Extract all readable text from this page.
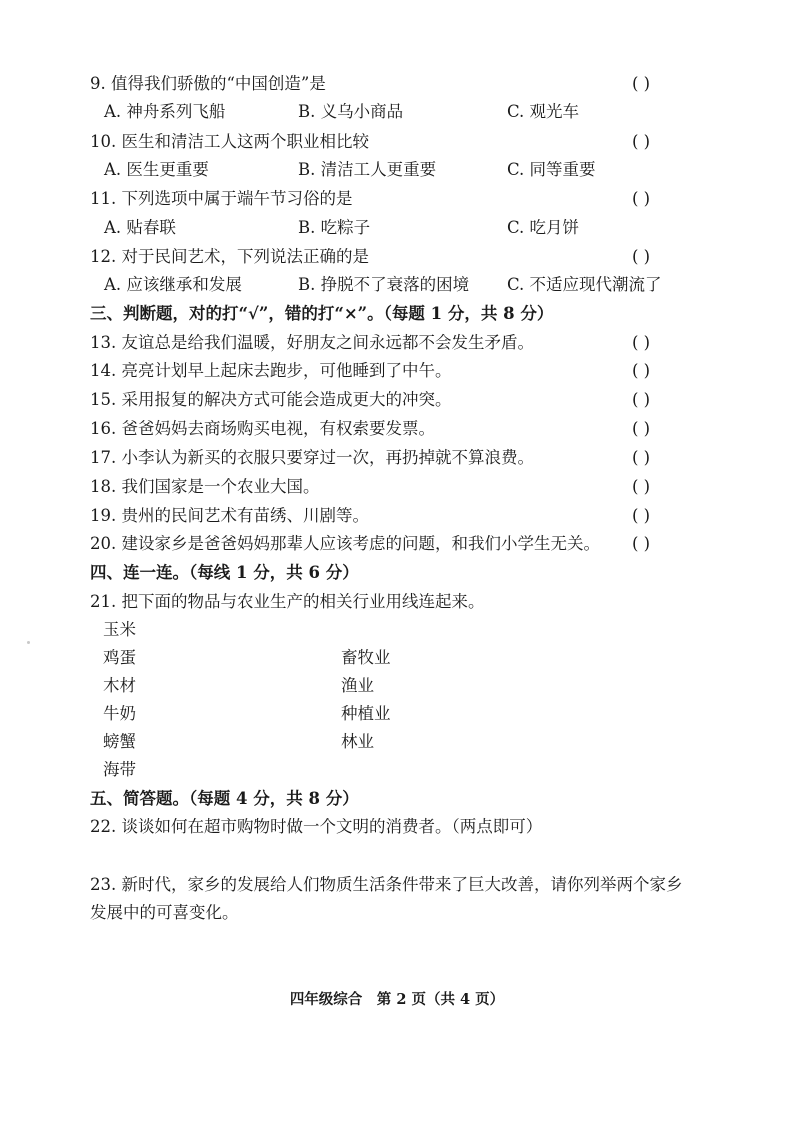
9. 值得我们骄傲的“中国创造”是	( )
A. 神舟系列飞船	B. 义乌小商品	C. 观光车
10. 医生和清洁工人这两个职业相比较	( )
A. 医生更重要	B. 清洁工人更重要	C. 同等重要
11. 下列选项中属于端午节习俗的是	( )
A. 贴春联	B. 吃粽子	C. 吃月饼
12. 对于民间艺术，下列说法正确的是	( )
A. 应该继承和发展	B. 挣脱不了衰落的困境 C. 不适应现代潮流了
三、判断题，对的打“√”，错的打“×”。（每题 1 分，共 8 分）
13. 友谊总是给我们温暖，好朋友之间永远都不会发生矛盾。	( )
14. 亮亮计划早上起床去跑步，可他睡到了中午。	( )
15. 采用报复的解决方式可能会造成更大的冲突。	( )
16. 爸爸妈妈去商场购买电视，有权索要发票。	( )
17. 小李认为新买的衣服只要穿过一次，再扔掉就不算浪费。	( )
18. 我们国家是一个农业大国。	( )
19. 贵州的民间艺术有苗绣、川剧等。	( )
20. 建设家乡是爸爸妈妈那辈人应该考虑的问题，和我们小学生无关。 ( )
四、连一连。（每线 1 分，共 6 分）
21. 把下面的物品与农业生产的相关行业用线连起来。
玉米
鸡蛋	畜牧业
木材	渔业
牛奶	种植业
螃蟹	林业
海带
五、简答题。（每题 4 分，共 8 分）
22. 谈谈如何在超市购物时做一个文明的消费者。（两点即可）
23. 新时代，家乡的发展给人们物质生活条件带来了巨大改善，请你列举两个家乡
发展中的可喜变化。
四年级综合　第 2 页（共 4 页）
